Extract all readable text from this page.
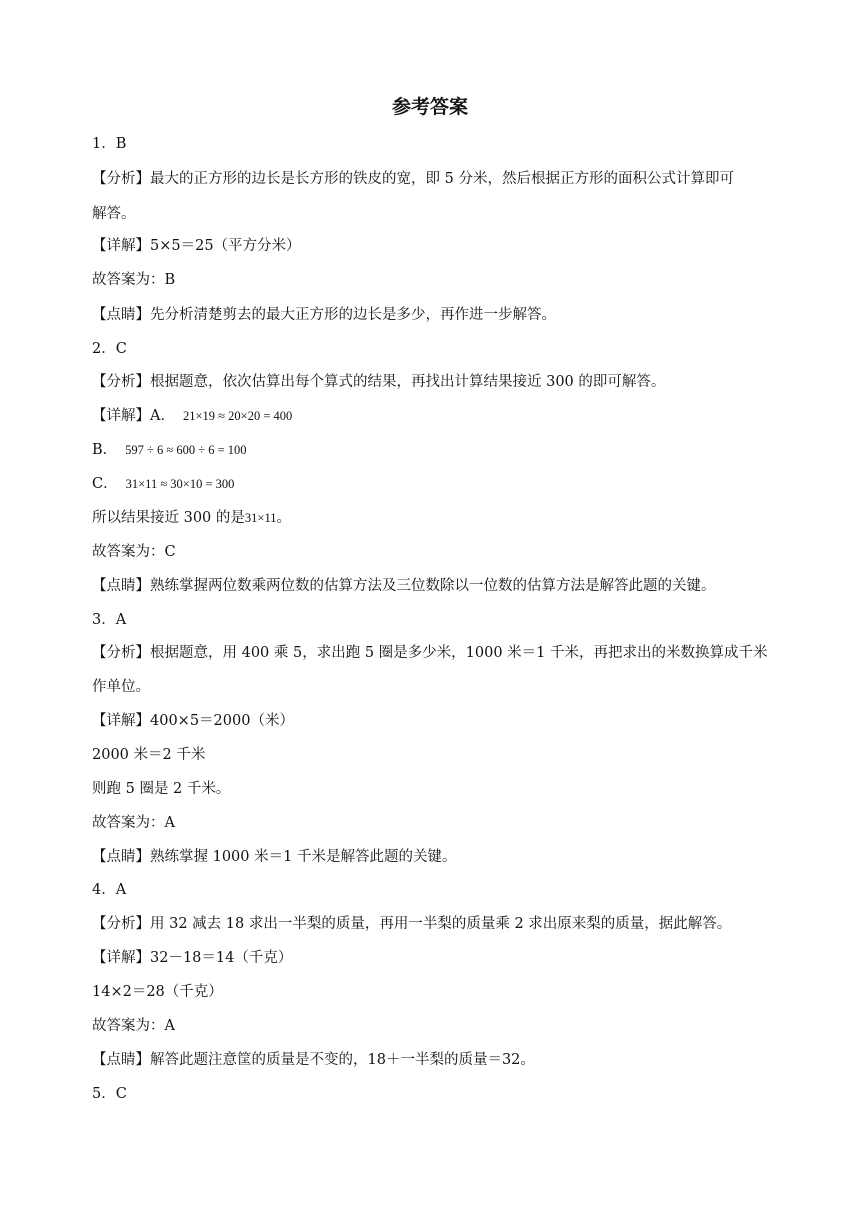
参考答案
1．B
【分析】最大的正方形的边长是长方形的铁皮的宽，即 5 分米，然后根据正方形的面积公式计算即可
解答。
【详解】5×5＝25（平方分米）
故答案为：B
【点睛】先分析清楚剪去的最大正方形的边长是多少，再作进一步解答。
2．C
【分析】根据题意，依次估算出每个算式的结果，再找出计算结果接近 300 的即可解答。
【详解】A． 21×19 ≈ 20×20 = 400
B． 597 ÷ 6 ≈ 600 ÷ 6 = 100
C． 31×11 ≈ 30×10 = 300
所以结果接近 300 的是31×11。
故答案为：C
【点睛】熟练掌握两位数乘两位数的估算方法及三位数除以一位数的估算方法是解答此题的关键。
3．A
【分析】根据题意，用 400 乘 5，求出跑 5 圈是多少米，1000 米＝1 千米，再把求出的米数换算成千米
作单位。
【详解】400×5＝2000（米）
2000 米＝2 千米
则跑 5 圈是 2 千米。
故答案为：A
【点睛】熟练掌握 1000 米＝1 千米是解答此题的关键。
4．A
【分析】用 32 减去 18 求出一半梨的质量，再用一半梨的质量乘 2 求出原来梨的质量，据此解答。
【详解】32－18＝14（千克）
14×2＝28（千克）
故答案为：A
【点睛】解答此题注意筐的质量是不变的，18＋一半梨的质量＝32。
5．C
